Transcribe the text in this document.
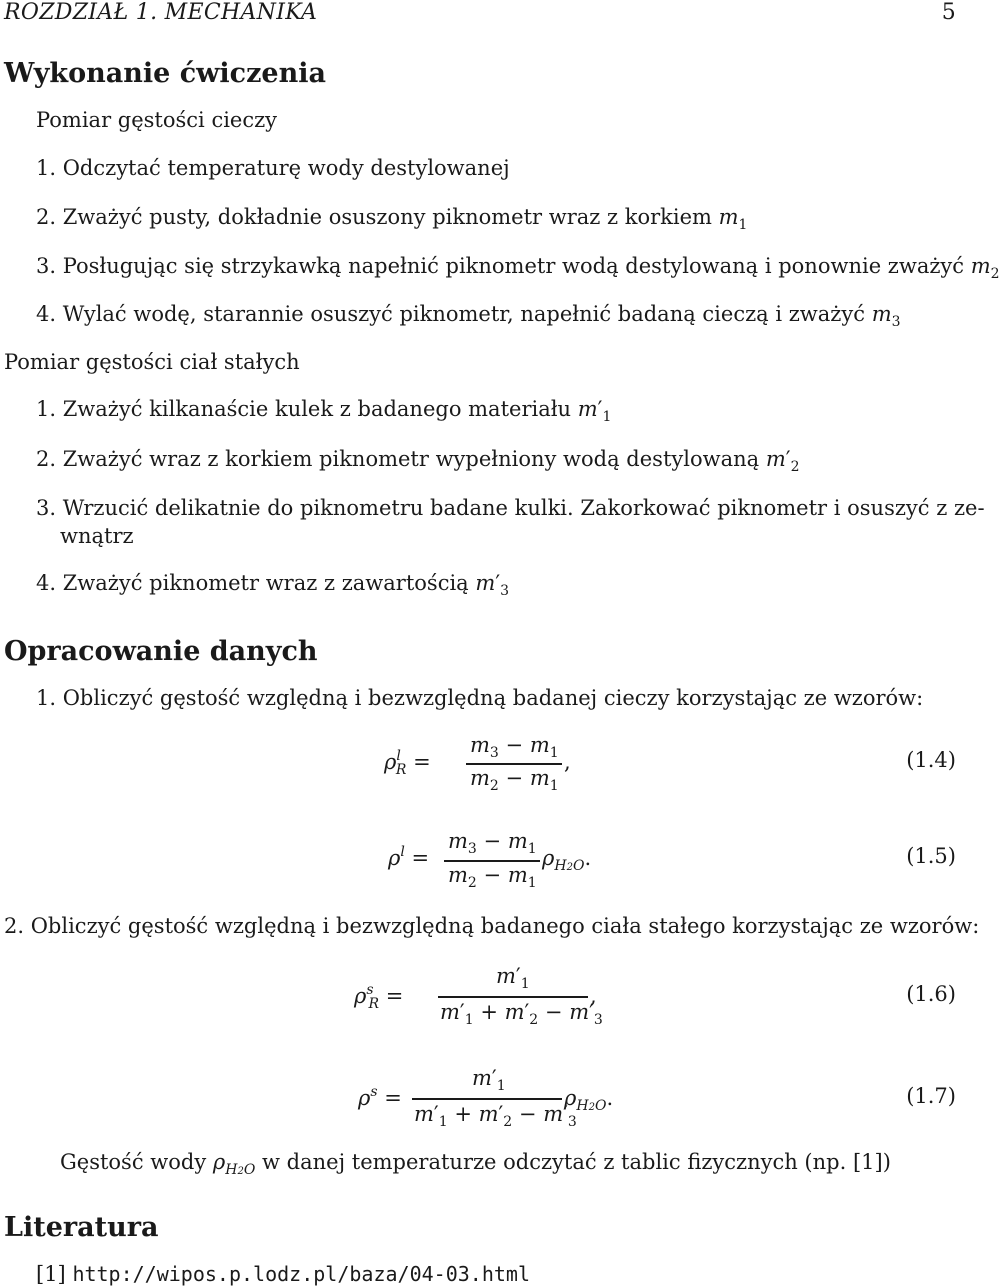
ROZDZIAŁ 1. MECHANIKA	5
Wykonanie ćwiczenia
Pomiar gęstości cieczy
1. Odczytać temperaturę wody destylowanej
2. Zważyć pusty, dokładnie osuszony piknometr wraz z korkiem $m_1$
3. Posługując się strzykawką napełnić piknometr wodą destylowaną i ponownie zważyć $m_2$
4. Wylać wodę, starannie osuszyć piknometr, napełnić badaną cieczą i zważyć $m_3$
Pomiar gęstości ciał stałych
1. Zważyć kilkanaście kulek z badanego materiału $m'_1$
2. Zważyć wraz z korkiem piknometr wypełniony wodą destylowaną $m'_2$
3. Wrzucić delikatnie do piknometru badane kulki. Zakorkować piknometr i osuszyć z ze-
wnątrz
4. Zważyć piknometr wraz z zawartością $m'_3$
Opracowanie danych
1. Obliczyć gęstość względną i bezwzględną badanej cieczy korzystając ze wzorów:
$\rho^l_R$ =
$m_3 - m_1$
$m_2 - m_1$
,	(1.4)
$\rho^l$ =
$m_3 - m_1$
$m_2 - m_1$
$\rho_{H2O}$.	(1.5)
2. Obliczyć gęstość względną i bezwzględną badanego ciała stałego korzystając ze wzorów:
$\rho^s_R$ =
$m'_1$
$m'_1 + m'_2 - m'_3$
,	(1.6)
$\rho^s$ =
$m'_1$
$m'_1 + m'_2 - m'_3$
$\rho_{H2O}$.	(1.7)
Gęstość wody $\rho_{H2O}$ w danej temperaturze odczytać z tablic fizycznych (np. [1])
Literatura
[1] http://wipos.p.lodz.pl/baza/04-03.html
